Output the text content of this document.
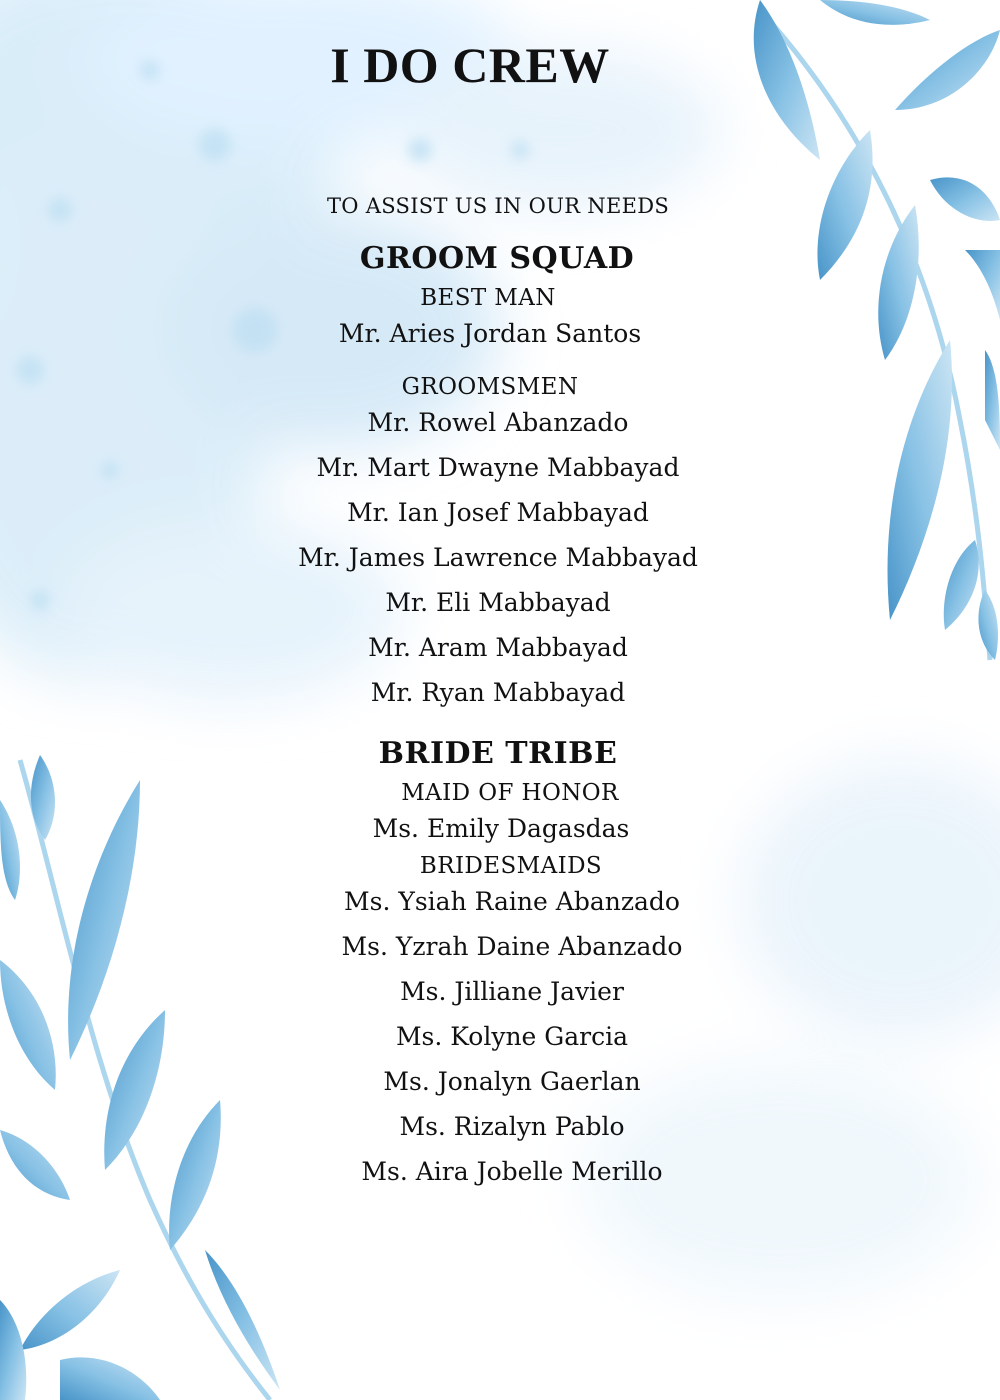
I DO CREW
TO ASSIST US IN OUR NEEDS
GROOM SQUAD
BEST MAN
Mr. Aries Jordan Santos
GROOMSMEN
Mr. Rowel Abanzado
Mr. Mart Dwayne Mabbayad
Mr. Ian Josef Mabbayad
Mr. James Lawrence Mabbayad
Mr. Eli Mabbayad
Mr. Aram Mabbayad
Mr. Ryan Mabbayad
BRIDE TRIBE
MAID OF HONOR
Ms. Emily Dagasdas
BRIDESMAIDS
Ms. Ysiah Raine Abanzado
Ms. Yzrah Daine Abanzado
Ms. Jilliane Javier
Ms. Kolyne Garcia
Ms. Jonalyn Gaerlan
Ms. Rizalyn Pablo
Ms. Aira Jobelle Merillo
